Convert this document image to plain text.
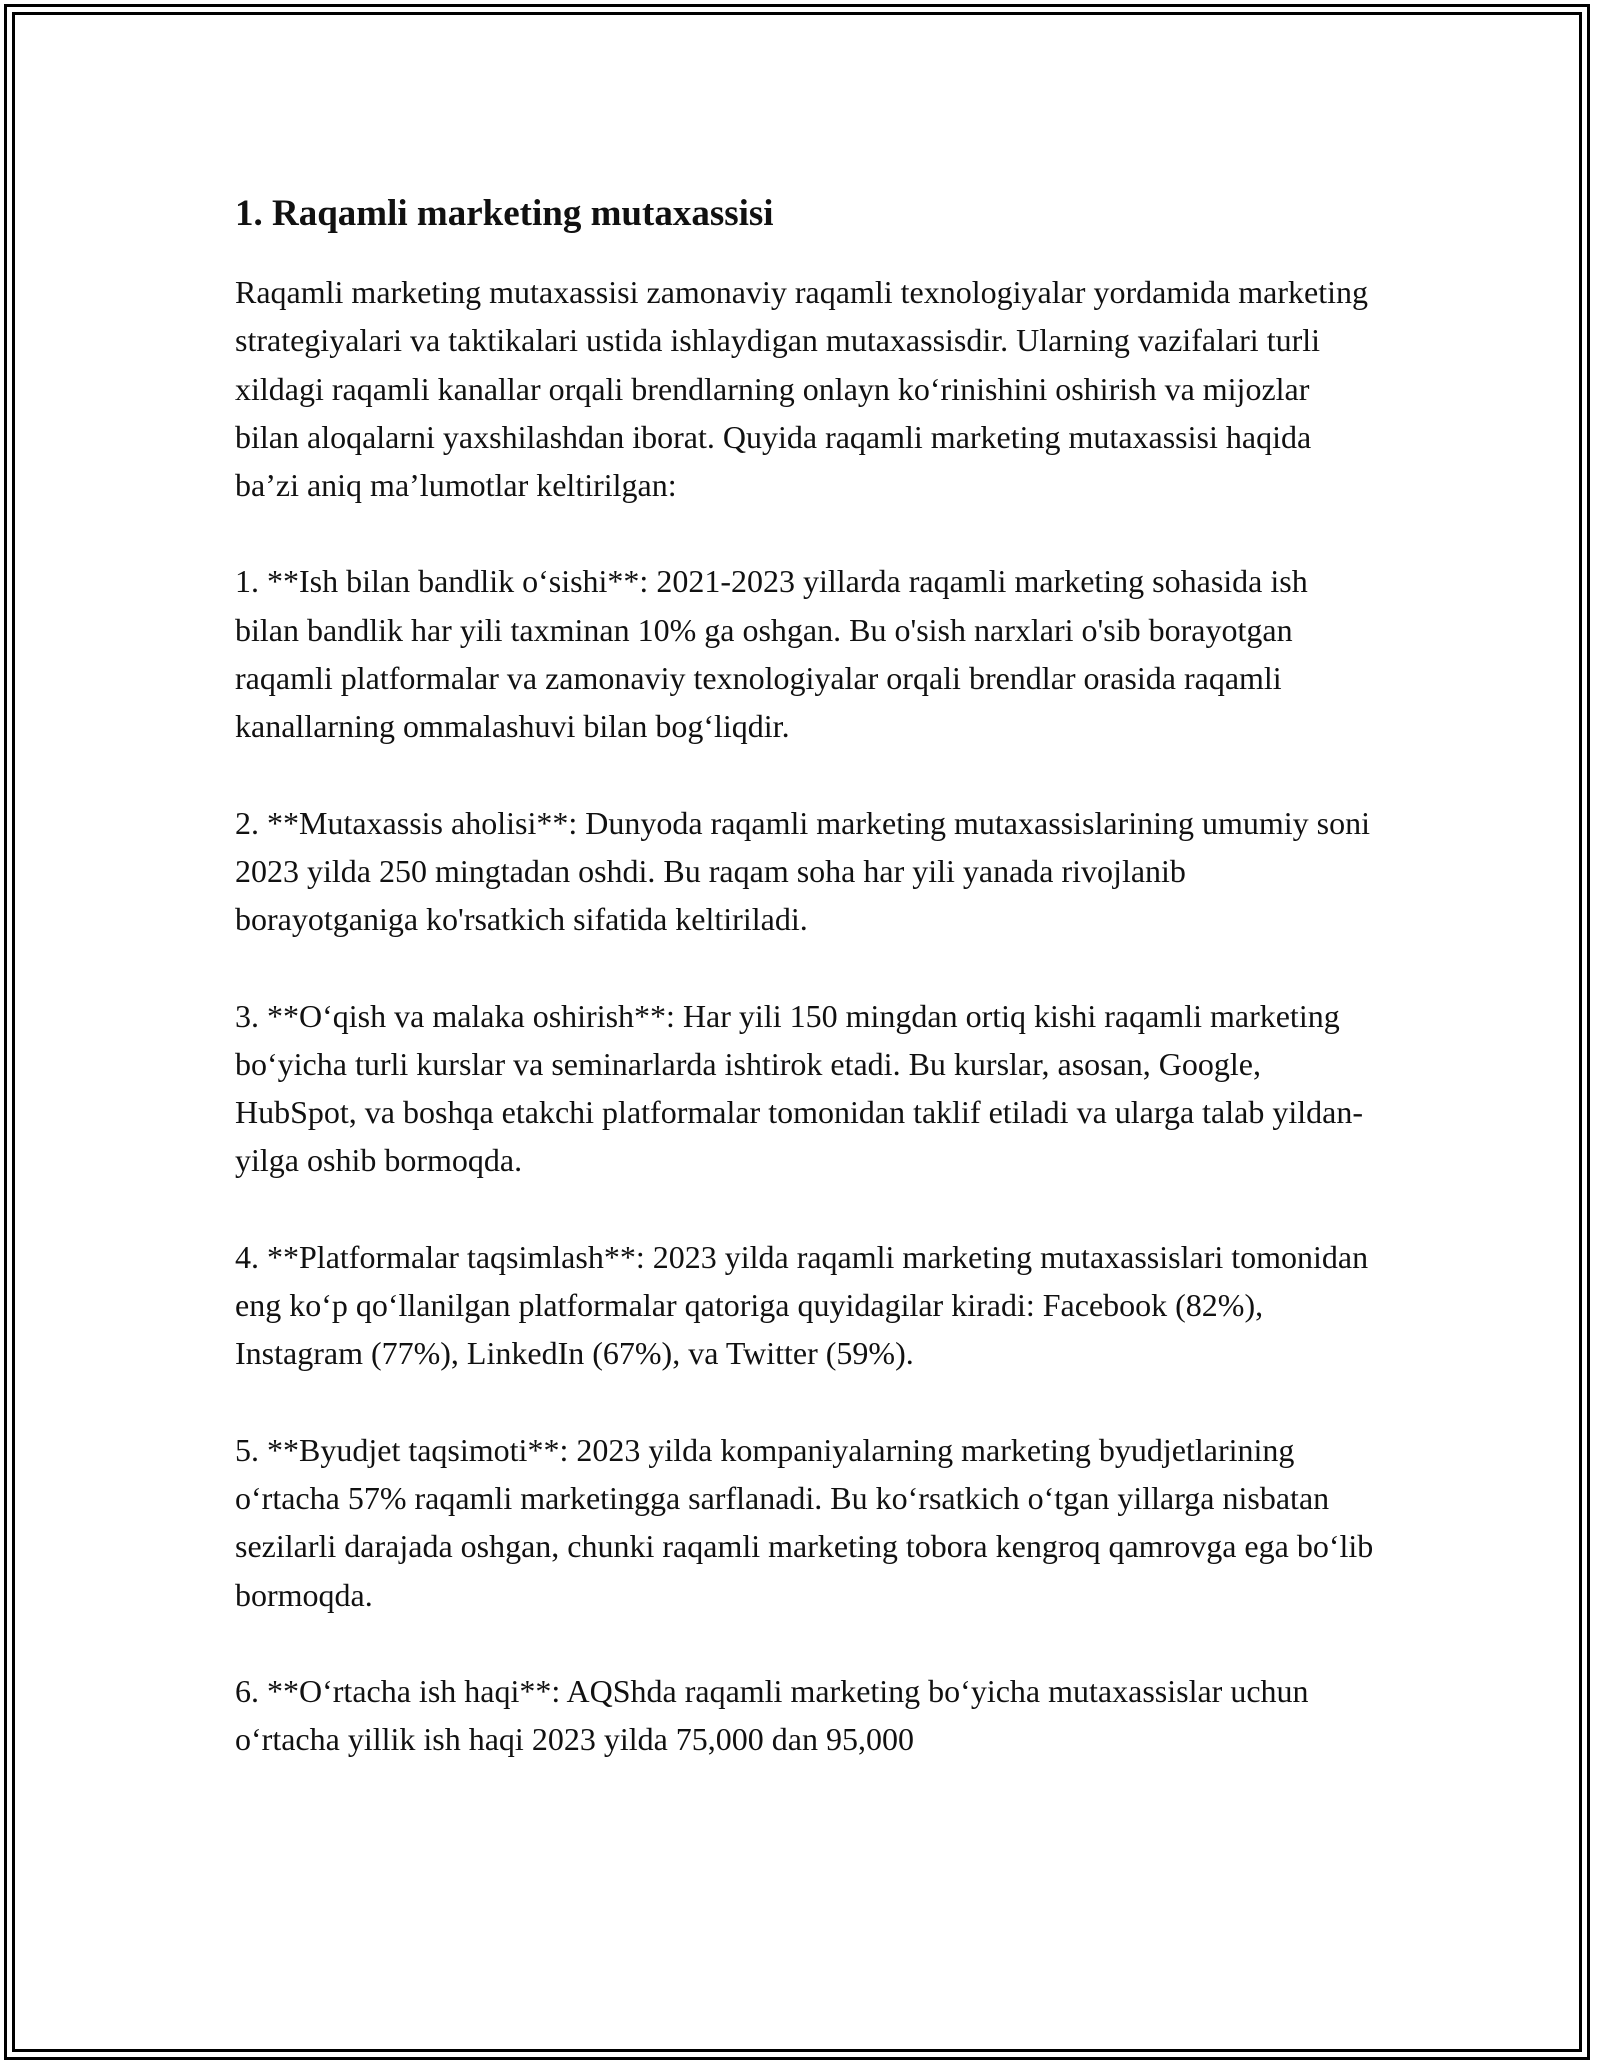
1. Raqamli marketing mutaxassisi

Raqamli marketing mutaxassisi zamonaviy raqamli texnologiyalar yordamida marketing strategiyalari va taktikalari ustida ishlaydigan mutaxassisdir. Ularning vazifalari turli xildagi raqamli kanallar orqali brendlarning onlayn koʻrinishini oshirish va mijozlar bilan aloqalarni yaxshilashdan iborat. Quyida raqamli marketing mutaxassisi haqida ba’zi aniq ma’lumotlar keltirilgan:

1. **Ish bilan bandlik oʻsishi**: 2021-2023 yillarda raqamli marketing sohasida ish bilan bandlik har yili taxminan 10% ga oshgan. Bu o'sish narxlari o'sib borayotgan raqamli platformalar va zamonaviy texnologiyalar orqali brendlar orasida raqamli kanallarning ommalashuvi bilan bogʻliqdir.

2. **Mutaxassis aholisi**: Dunyoda raqamli marketing mutaxassislarining umumiy soni 2023 yilda 250 mingtadan oshdi. Bu raqam soha har yili yanada rivojlanib borayotganiga ko'rsatkich sifatida keltiriladi.

3. **Oʻqish va malaka oshirish**: Har yili 150 mingdan ortiq kishi raqamli marketing boʻyicha turli kurslar va seminarlarda ishtirok etadi. Bu kurslar, asosan, Google, HubSpot, va boshqa etakchi platformalar tomonidan taklif etiladi va ularga talab yildan-yilga oshib bormoqda.

4. **Platformalar taqsimlash**: 2023 yilda raqamli marketing mutaxassislari tomonidan eng koʻp qoʻllanilgan platformalar qatoriga quyidagilar kiradi: Facebook (82%), Instagram (77%), LinkedIn (67%), va Twitter (59%).

5. **Byudjet taqsimoti**: 2023 yilda kompaniyalarning marketing byudjetlarining oʻrtacha 57% raqamli marketingga sarflanadi. Bu koʻrsatkich oʻtgan yillarga nisbatan sezilarli darajada oshgan, chunki raqamli marketing tobora kengroq qamrovga ega boʻlib bormoqda.

6. **Oʻrtacha ish haqi**: AQShda raqamli marketing boʻyicha mutaxassislar uchun oʻrtacha yillik ish haqi 2023 yilda 75,000 dan 95,000
